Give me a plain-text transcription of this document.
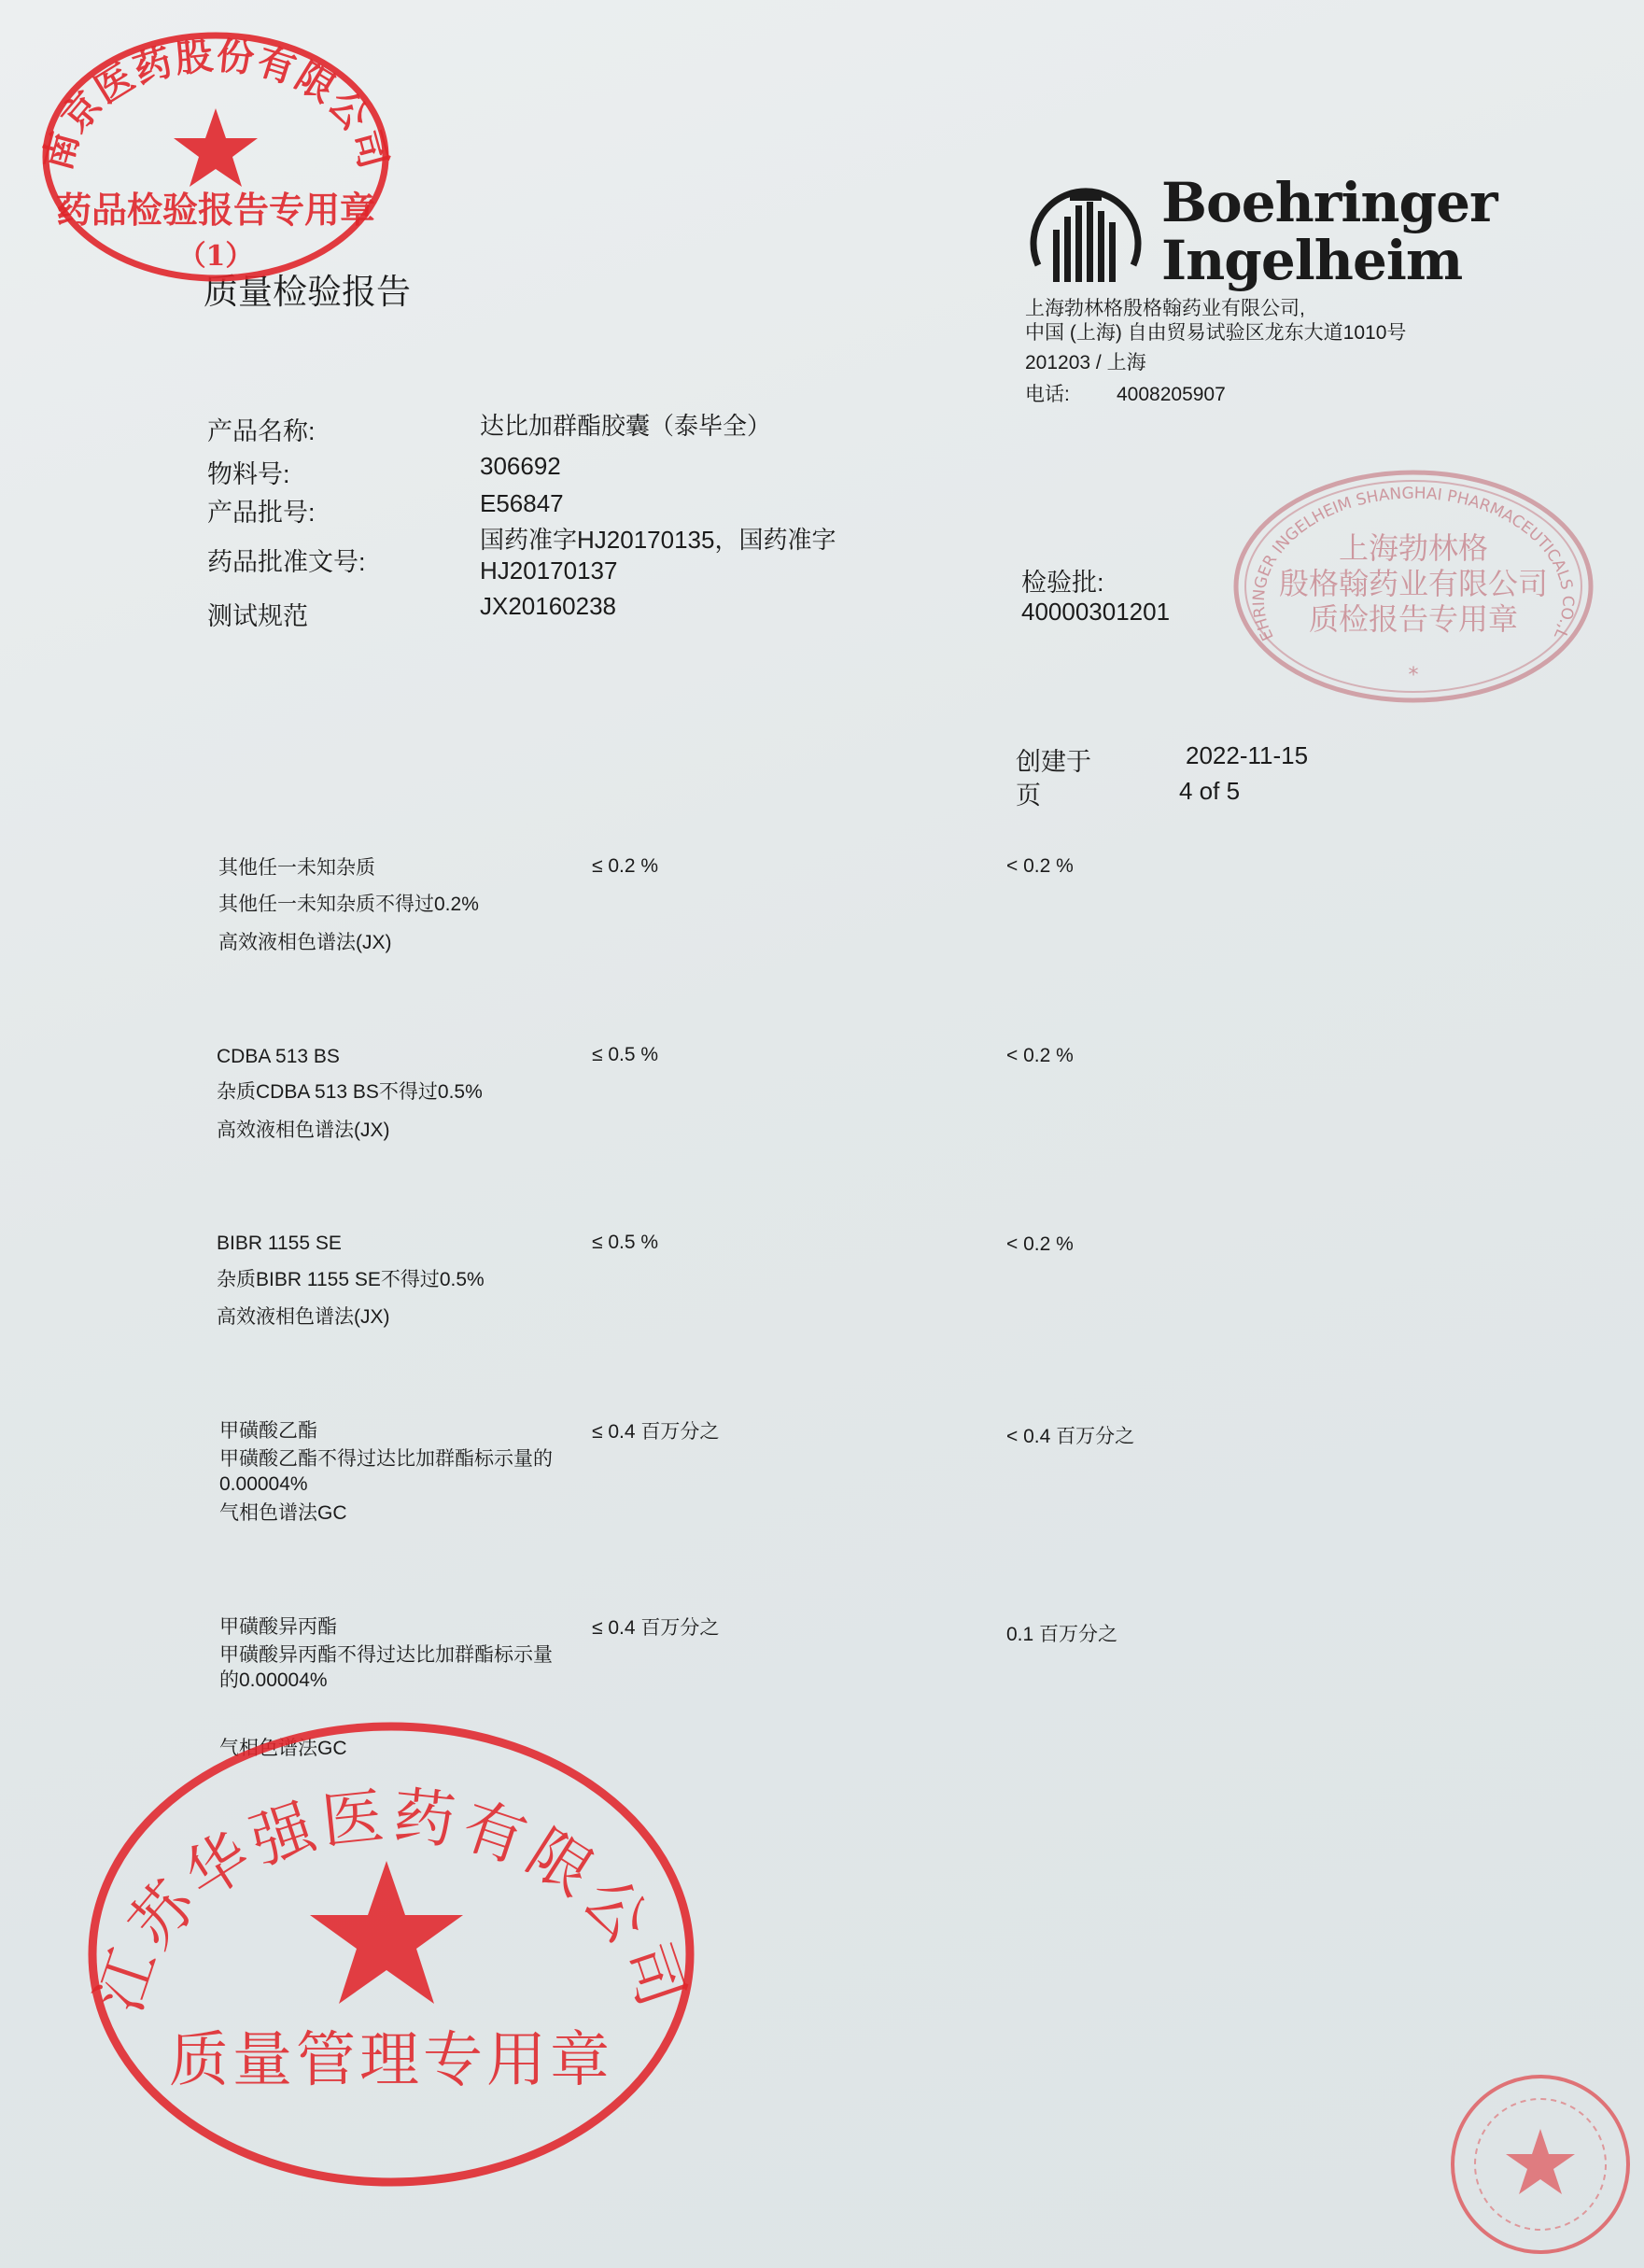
质量检验报告
Boehringer
Ingelheim
上海勃林格殷格翰药业有限公司,
中国 (上海) 自由贸易试验区龙东大道1010号
201203 / 上海
电话: 4008205907
产品名称:	达比加群酯胶囊（泰毕全）
物料号:	306692
产品批号:	E56847
药品批准文号:
国药准字HJ20170135，国药准字
HJ20170137
测试规范	JX20160238
检验批:
40000301201
创建于	2022-11-15
页	4 of 5
其他任一未知杂质
其他任一未知杂质不得过0.2%
高效液相色谱法(JX)
≤ 0.2 %	< 0.2 %
CDBA 513 BS
杂质CDBA 513 BS不得过0.5%
高效液相色谱法(JX)
≤ 0.5 %	< 0.2 %
BIBR 1155 SE
杂质BIBR 1155 SE不得过0.5%
高效液相色谱法(JX)
≤ 0.5 %	< 0.2 %
甲磺酸乙酯
甲磺酸乙酯不得过达比加群酯标示量的
0.00004%
气相色谱法GC
≤ 0.4 百万分之	< 0.4 百万分之
甲磺酸异丙酯
甲磺酸异丙酯不得过达比加群酯标示量
的0.00004%
气相色谱法GC
≤ 0.4 百万分之	0.1 百万分之
南京医药股份有限公司
药品检验报告专用章
（1）
BOEHRINGER INGELHEIM SHANGHAI PHARMACEUTICALS CO.,LTD.
上海勃林格
殷格翰药业有限公司
质检报告专用章
*
江苏华强医药有限公司
质量管理专用章
